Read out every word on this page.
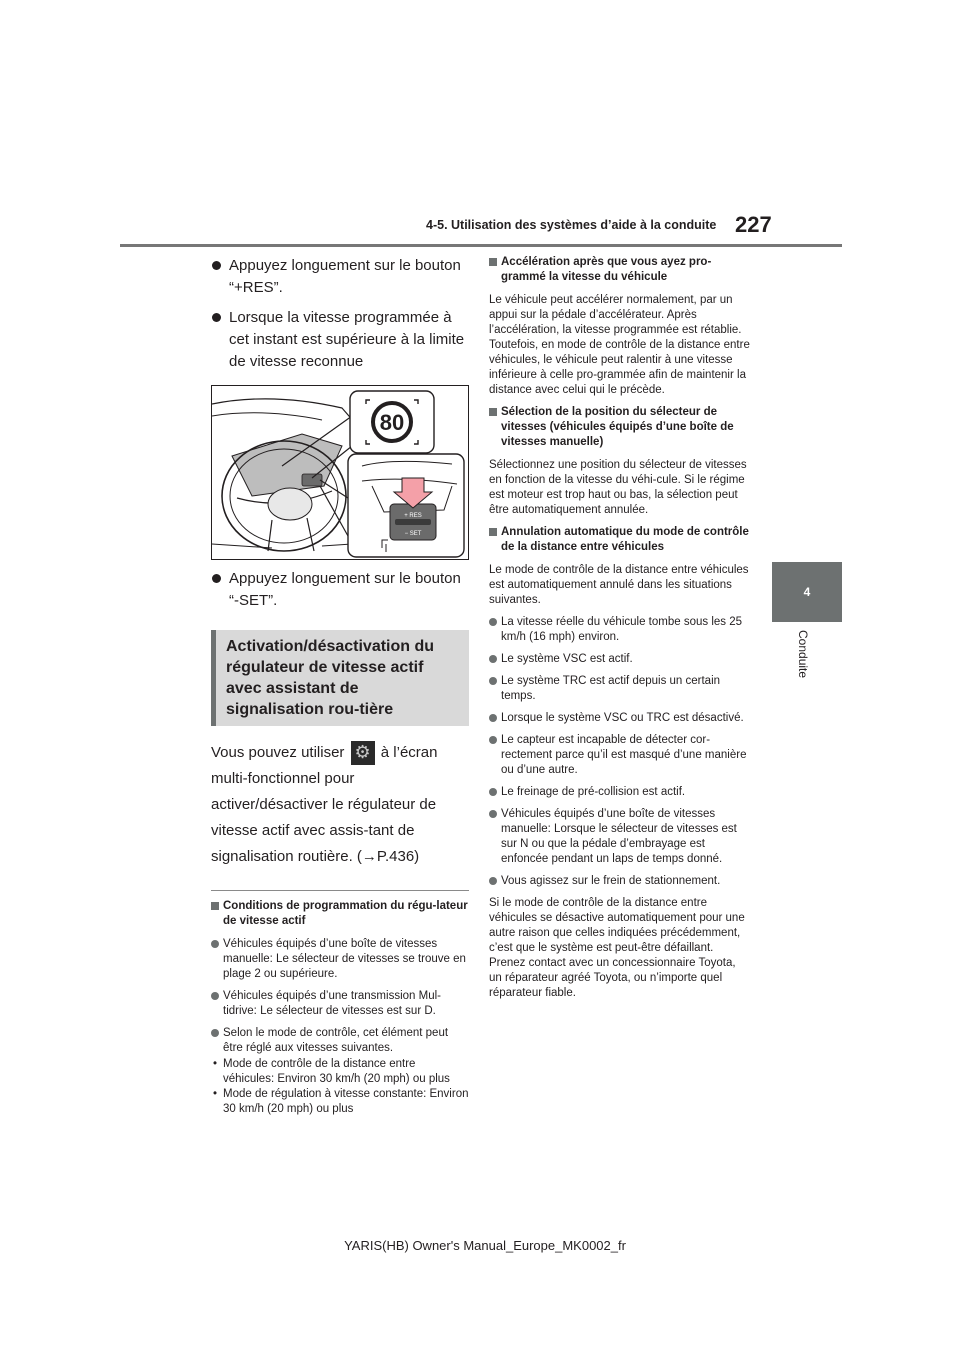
4-5. Utilisation des systèmes d’aide à la conduite 227
4
Conduite
Appuyez longuement sur le bouton “+RES”.
Lorsque la vitesse programmée à cet instant est supérieure à la limite de vitesse reconnue
80
+ RES
− SET
Appuyez longuement sur le bouton “-SET”.
Activation/désactivation du régulateur de vitesse actif avec assistant de signalisation rou-tière
Vous pouvez utiliser ⚙ à l’écran multi-fonctionnel pour activer/désactiver le régulateur de vitesse actif avec assis-tant de signalisation routière. (→P.436)
Conditions de programmation du régu-lateur de vitesse actif
Véhicules équipés d’une boîte de vitesses manuelle: Le sélecteur de vitesses se trouve en plage 2 ou supérieure.
Véhicules équipés d’une transmission Mul-tidrive: Le sélecteur de vitesses est sur D.
Selon le mode de contrôle, cet élément peut être réglé aux vitesses suivantes.
• Mode de contrôle de la distance entre véhicules: Environ 30 km/h (20 mph) ou plus
• Mode de régulation à vitesse constante: Environ 30 km/h (20 mph) ou plus
Accélération après que vous ayez pro-grammé la vitesse du véhicule
Le véhicule peut accélérer normalement, par un appui sur la pédale d’accélérateur. Après l’accélération, la vitesse programmée est rétablie. Toutefois, en mode de contrôle de la distance entre véhicules, le véhicule peut ralentir à une vitesse inférieure à celle pro-grammée afin de maintenir la distance avec celui qui le précède.
Sélection de la position du sélecteur de vitesses (véhicules équipés d’une boîte de vitesses manuelle)
Sélectionnez une position du sélecteur de vitesses en fonction de la vitesse du véhi-cule. Si le régime est moteur est trop haut ou bas, la sélection peut être automatiquement annulée.
Annulation automatique du mode de contrôle de la distance entre véhicules
Le mode de contrôle de la distance entre véhicules est automatiquement annulé dans les situations suivantes.
La vitesse réelle du véhicule tombe sous les 25 km/h (16 mph) environ.
Le système VSC est actif.
Le système TRC est actif depuis un certain temps.
Lorsque le système VSC ou TRC est désactivé.
Le capteur est incapable de détecter cor-rectement parce qu’il est masqué d’une manière ou d’une autre.
Le freinage de pré-collision est actif.
Véhicules équipés d’une boîte de vitesses manuelle: Lorsque le sélecteur de vitesses est sur N ou que la pédale d’embrayage est enfoncée pendant un laps de temps donné.
Vous agissez sur le frein de stationnement.
Si le mode de contrôle de la distance entre véhicules se désactive automatiquement pour une autre raison que celles indiquées précédemment, c’est que le système est peut-être défaillant. Prenez contact avec un concessionnaire Toyota, un réparateur agréé Toyota, ou n’importe quel réparateur fiable.
YARIS(HB) Owner's Manual_Europe_MK0002_fr
